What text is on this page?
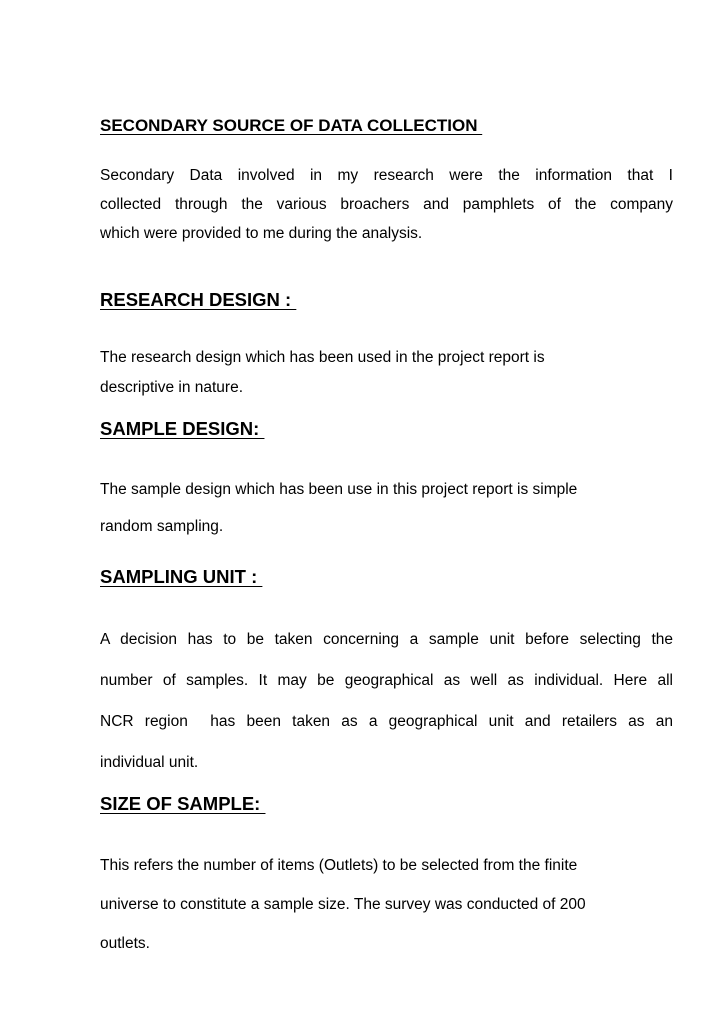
SECONDARY SOURCE OF DATA COLLECTION
Secondary Data involved in my research were the information that I
collected through the various broachers and pamphlets of the company
which were provided to me during the analysis.
RESEARCH DESIGN :
The research design which has been used in the project report is
descriptive in nature.
SAMPLE DESIGN:
The sample design which has been use in this project report is simple
random sampling.
SAMPLING UNIT :
A decision has to be taken concerning a sample unit before selecting the
number of samples. It may be geographical as well as individual. Here all
NCR region  has been taken as a geographical unit and retailers as an
individual unit.
SIZE OF SAMPLE:
This refers the number of items (Outlets) to be selected from the finite
universe to constitute a sample size. The survey was conducted of 200
outlets.
